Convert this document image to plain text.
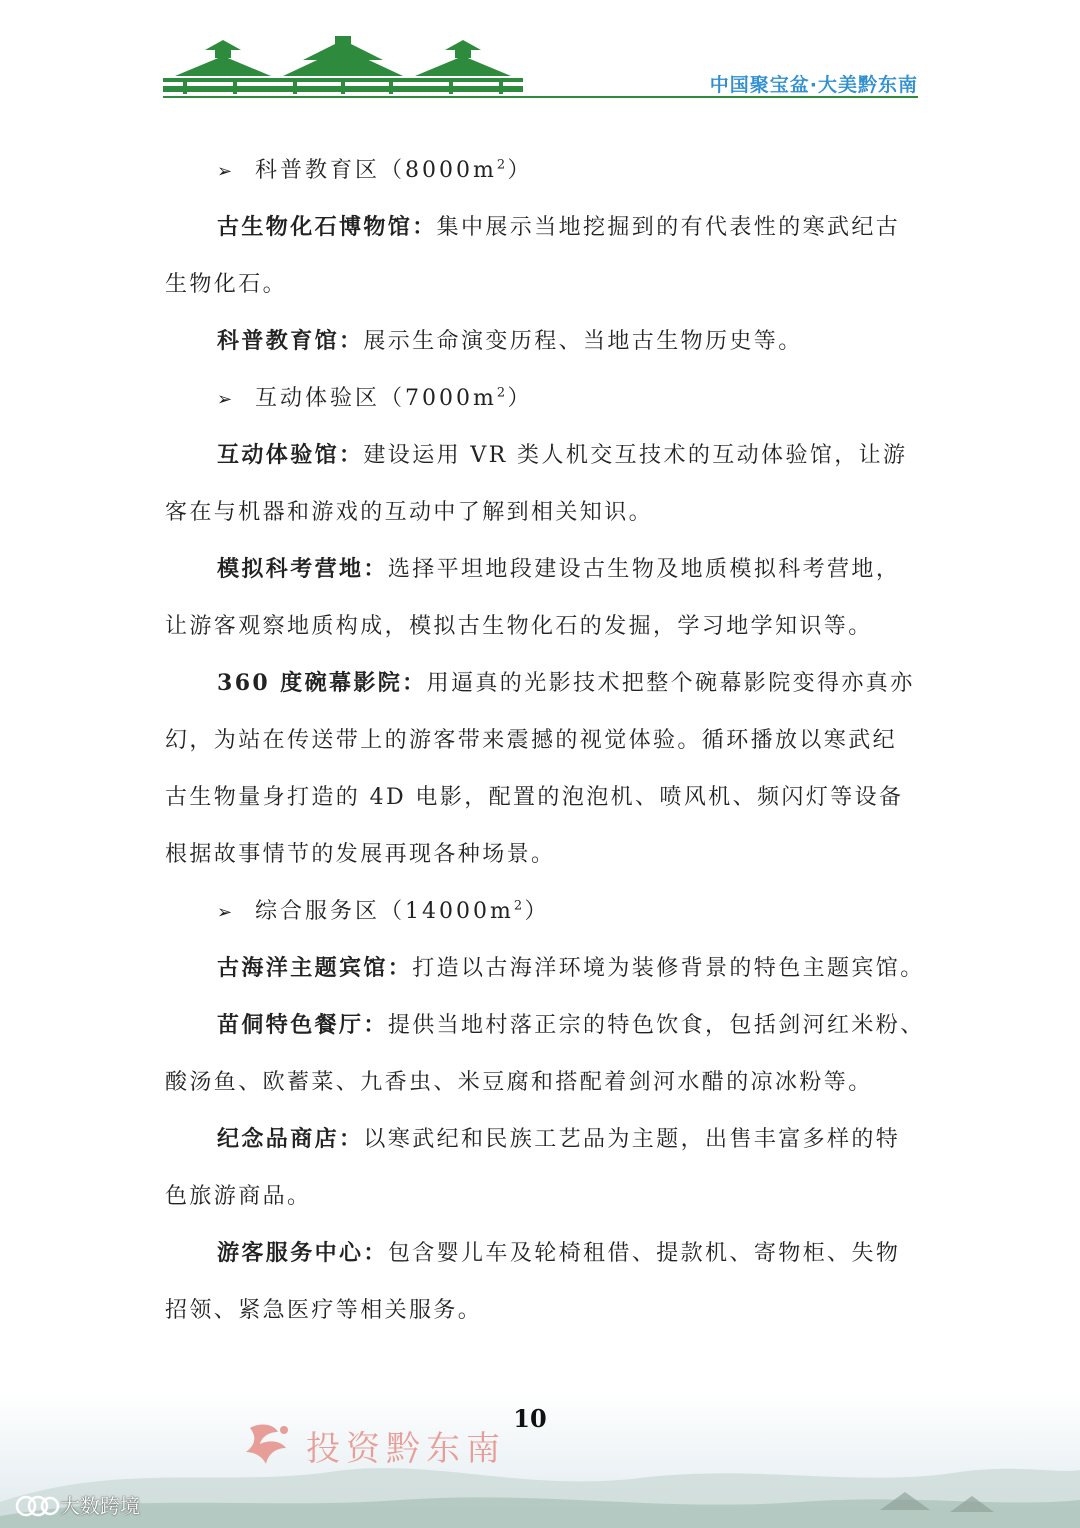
中国聚宝盆·大美黔东南
➢ 科普教育区$(8000m^2)$
古生物化石博物馆：集中展示当地挖掘到的有代表性的寒武纪古
生物化石。
科普教育馆：展示生命演变历程、当地古生物历史等。
➢ 互动体验区$(7000m^2)$
互动体验馆：建设运用 VR 类人机交互技术的互动体验馆，让游
客在与机器和游戏的互动中了解到相关知识。
模拟科考营地：选择平坦地段建设古生物及地质模拟科考营地，
让游客观察地质构成，模拟古生物化石的发掘，学习地学知识等。
360 度碗幕影院：用逼真的光影技术把整个碗幕影院变得亦真亦
幻，为站在传送带上的游客带来震撼的视觉体验。循环播放以寒武纪
古生物量身打造的 4D 电影，配置的泡泡机、喷风机、频闪灯等设备
根据故事情节的发展再现各种场景。
➢ 综合服务区$(14000m^2)$
古海洋主题宾馆：打造以古海洋环境为装修背景的特色主题宾馆。
苗侗特色餐厅：提供当地村落正宗的特色饮食，包括剑河红米粉、
酸汤鱼、欧蓄菜、九香虫、米豆腐和搭配着剑河水醋的凉冰粉等。
纪念品商店：以寒武纪和民族工艺品为主题，出售丰富多样的特
色旅游商品。
游客服务中心：包含婴儿车及轮椅租借、提款机、寄物柜、失物
招领、紧急医疗等相关服务。
10
投资黔东南
大数跨境
